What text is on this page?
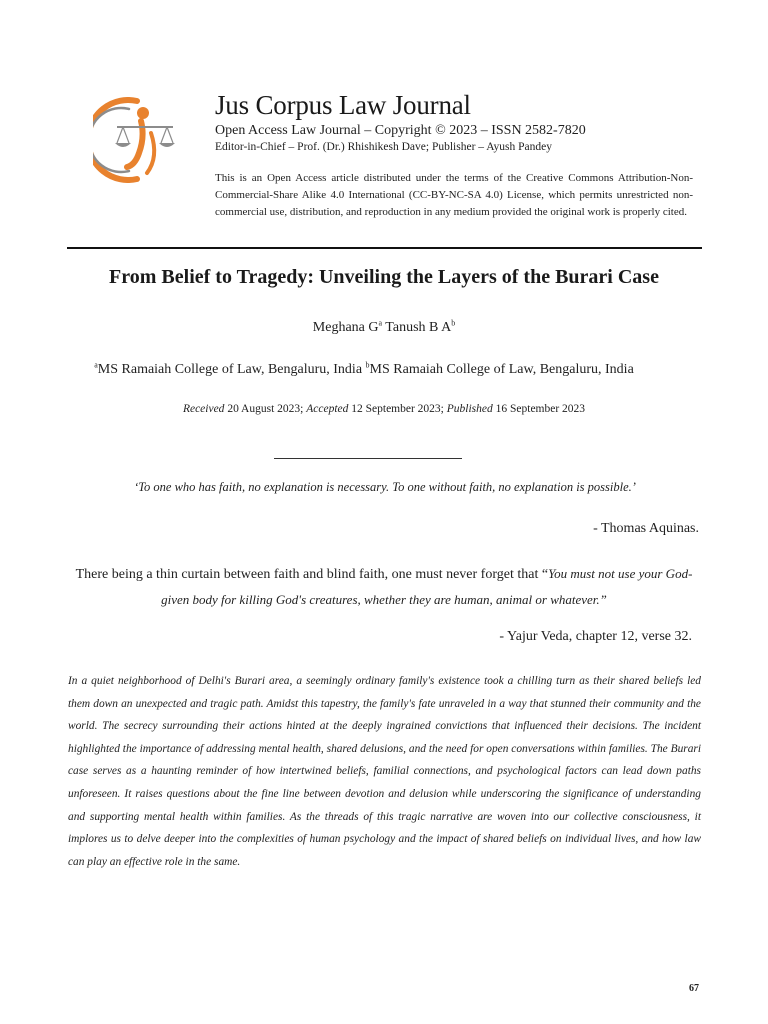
Jus Corpus Law Journal
Open Access Law Journal – Copyright © 2023 – ISSN 2582-7820
Editor-in-Chief – Prof. (Dr.) Rhishikesh Dave; Publisher – Ayush Pandey
This is an Open Access article distributed under the terms of the Creative Commons Attribution-Non-Commercial-Share Alike 4.0 International (CC-BY-NC-SA 4.0) License, which permits unrestricted non-commercial use, distribution, and reproduction in any medium provided the original work is properly cited.
From Belief to Tragedy: Unveiling the Layers of the Burari Case
Meghana $G^a$ Tanush B $A^b$
$^a$MS Ramaiah College of Law, Bengaluru, India $^b$MS Ramaiah College of Law, Bengaluru, India
Received 20 August 2023; Accepted 12 September 2023; Published 16 September 2023
‘To one who has faith, no explanation is necessary. To one without faith, no explanation is possible.’
- Thomas Aquinas.
There being a thin curtain between faith and blind faith, one must never forget that “You must not use your God-given body for killing God's creatures, whether they are human, animal or whatever.”
- Yajur Veda, chapter 12, verse 32.
In a quiet neighborhood of Delhi's Burari area, a seemingly ordinary family's existence took a chilling turn as their shared beliefs led them down an unexpected and tragic path. Amidst this tapestry, the family's fate unraveled in a way that stunned their community and the world. The secrecy surrounding their actions hinted at the deeply ingrained convictions that influenced their decisions. The incident highlighted the importance of addressing mental health, shared delusions, and the need for open conversations within families. The Burari case serves as a haunting reminder of how intertwined beliefs, familial connections, and psychological factors can lead down paths unforeseen. It raises questions about the fine line between devotion and delusion while underscoring the significance of understanding and supporting mental health within families. As the threads of this tragic narrative are woven into our collective consciousness, it implores us to delve deeper into the complexities of human psychology and the impact of shared beliefs on individual lives, and how law can play an effective role in the same.
67
